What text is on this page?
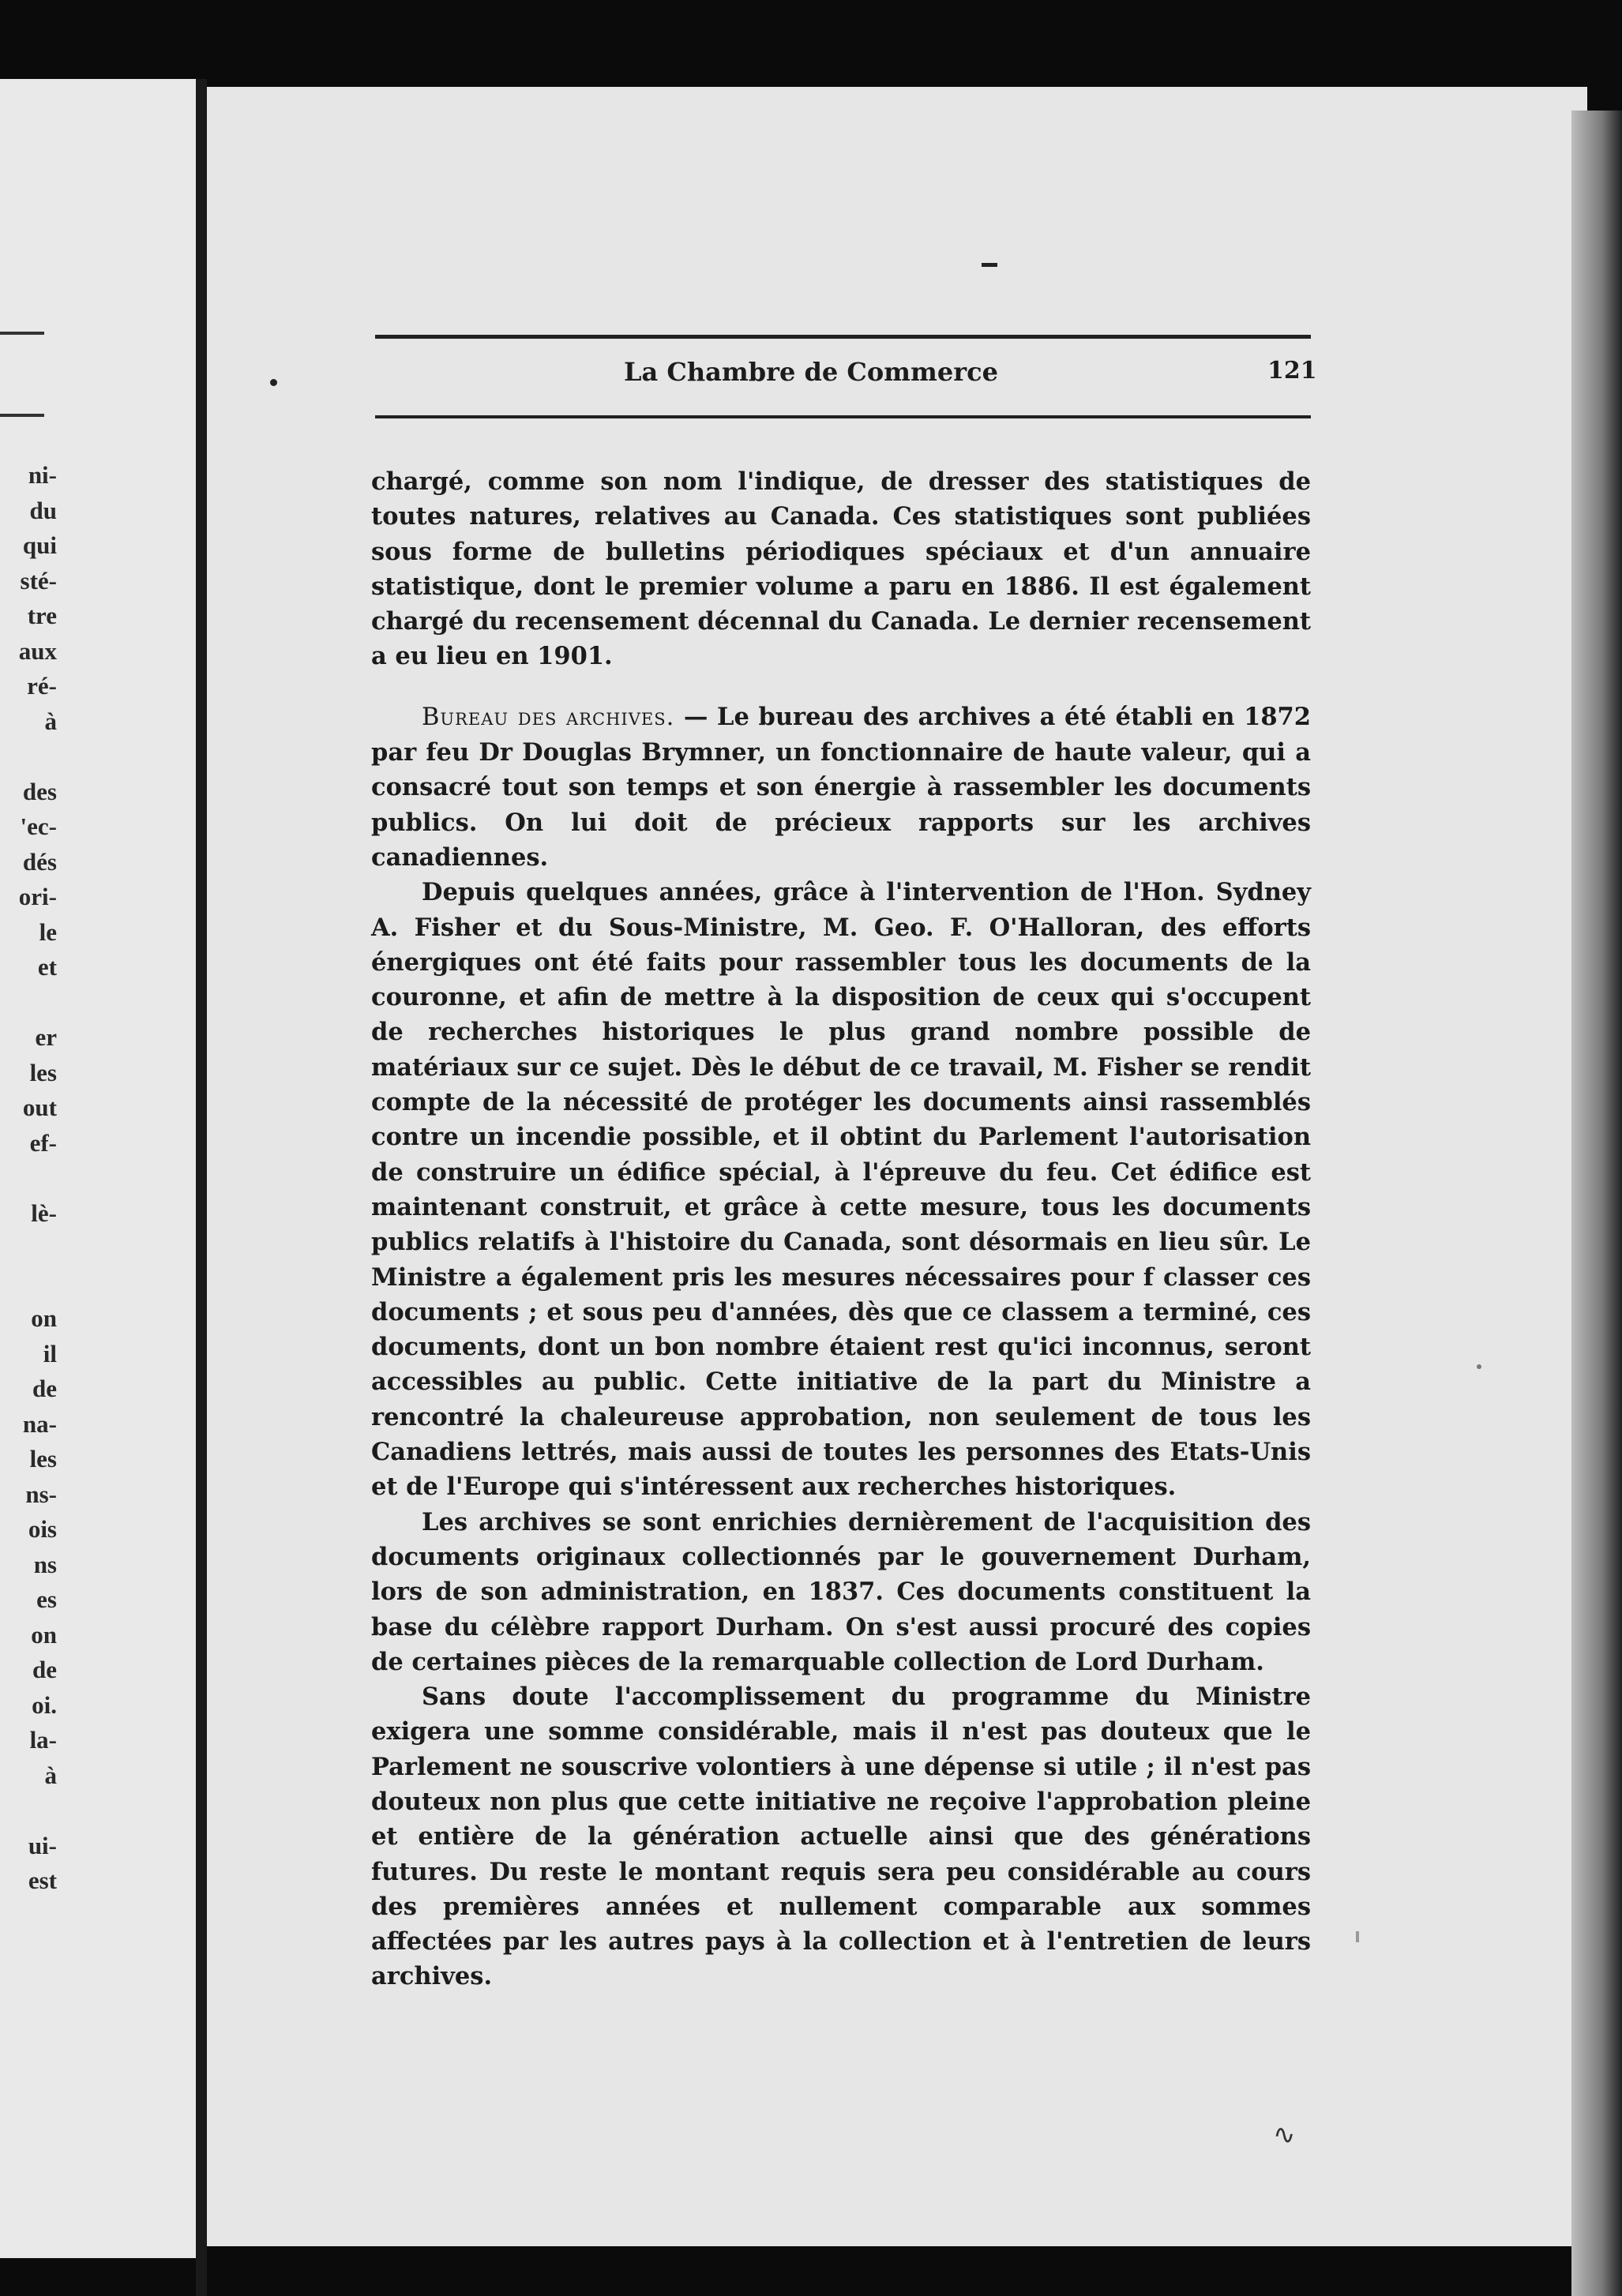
ni-
du
qui
sté-
tre
aux
ré-
à
des
'ec-
dés
ori-
le
et
er
les
out
ef-
lè-
on
il
de
na-
les
ns-
ois
ns
es
on
de
oi.
la-
à
ui-
est
La Chambre de Commerce	121

chargé, comme son nom l'indique, de dresser des statistiques de toutes natures, relatives au Canada. Ces statistiques sont publiées sous forme de bulletins périodiques spéciaux et d'un annuaire statistique, dont le premier volume a paru en 1886. Il est également chargé du recensement décennal du Canada. Le dernier recensement a eu lieu en 1901.

Bureau des archives. — Le bureau des archives a été établi en 1872 par feu Dr Douglas Brymner, un fonctionnaire de haute valeur, qui a consacré tout son temps et son énergie à rassembler les documents publics. On lui doit de précieux rapports sur les archives canadiennes.

Depuis quelques années, grâce à l'intervention de l'Hon. Sydney A. Fisher et du Sous-Ministre, M. Geo. F. O'Halloran, des efforts énergiques ont été faits pour rassembler tous les documents de la couronne, et afin de mettre à la disposition de ceux qui s'occupent de recherches historiques le plus grand nombre possible de matériaux sur ce sujet. Dès le début de ce travail, M. Fisher se rendit compte de la nécessité de protéger les documents ainsi rassemblés contre un incendie possible, et il obtint du Parlement l'autorisation de construire un édifice spécial, à l'épreuve du feu. Cet édifice est maintenant construit, et grâce à cette mesure, tous les documents publics relatifs à l'histoire du Canada, sont désormais en lieu sûr. Le Ministre a également pris les mesures nécessaires pour f classer ces documents ; et sous peu d'années, dès que ce classem a terminé, ces documents, dont un bon nombre étaient rest qu'ici inconnus, seront accessibles au public. Cette initiative de la part du Ministre a rencontré la chaleureuse approbation, non seulement de tous les Canadiens lettrés, mais aussi de toutes les personnes des Etats-Unis et de l'Europe qui s'intéressent aux recherches historiques.

Les archives se sont enrichies dernièrement de l'acquisition des documents originaux collectionnés par le gouvernement Durham, lors de son administration, en 1837. Ces documents constituent la base du célèbre rapport Durham. On s'est aussi procuré des copies de certaines pièces de la remarquable collection de Lord Durham.

Sans doute l'accomplissement du programme du Ministre exigera une somme considérable, mais il n'est pas douteux que le Parlement ne souscrive volontiers à une dépense si utile ; il n'est pas douteux non plus que cette initiative ne reçoive l'approbation pleine et entière de la génération actuelle ainsi que des générations futures. Du reste le montant requis sera peu considérable au cours des premières années et nullement comparable aux sommes affectées par les autres pays à la collection et à l'entretien de leurs archives.

∿
